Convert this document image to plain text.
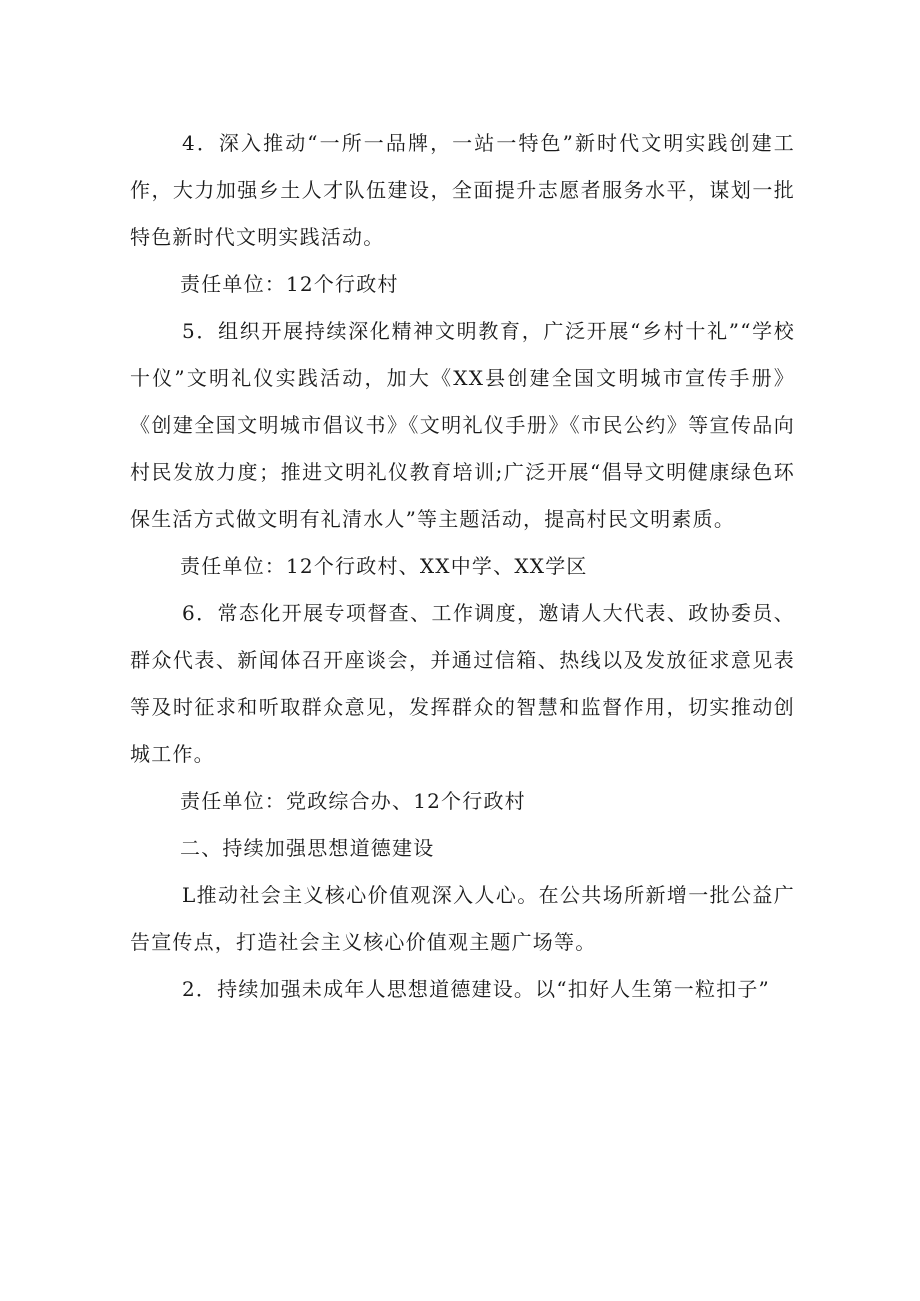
4．深入推动“一所一品牌，一站一特色”新时代文明实践创建工作，大力加强乡土人才队伍建设，全面提升志愿者服务水平，谋划一批特色新时代文明实践活动。

责任单位：12个行政村

5．组织开展持续深化精神文明教育，广泛开展“乡村十礼”“学校十仪”文明礼仪实践活动，加大《XX县创建全国文明城市宣传手册》《创建全国文明城市倡议书》《文明礼仪手册》《市民公约》等宣传品向村民发放力度；推进文明礼仪教育培训;广泛开展“倡导文明健康绿色环保生活方式做文明有礼清水人”等主题活动，提高村民文明素质。

责任单位：12个行政村、XX中学、XX学区

6．常态化开展专项督查、工作调度，邀请人大代表、政协委员、群众代表、新闻体召开座谈会，并通过信箱、热线以及发放征求意见表等及时征求和听取群众意见，发挥群众的智慧和监督作用，切实推动创城工作。

责任单位：党政综合办、12个行政村

二、持续加强思想道德建设

L推动社会主义核心价值观深入人心。在公共场所新增一批公益广告宣传点，打造社会主义核心价值观主题广场等。

2．持续加强未成年人思想道德建设。以“扣好人生第一粒扣子”
